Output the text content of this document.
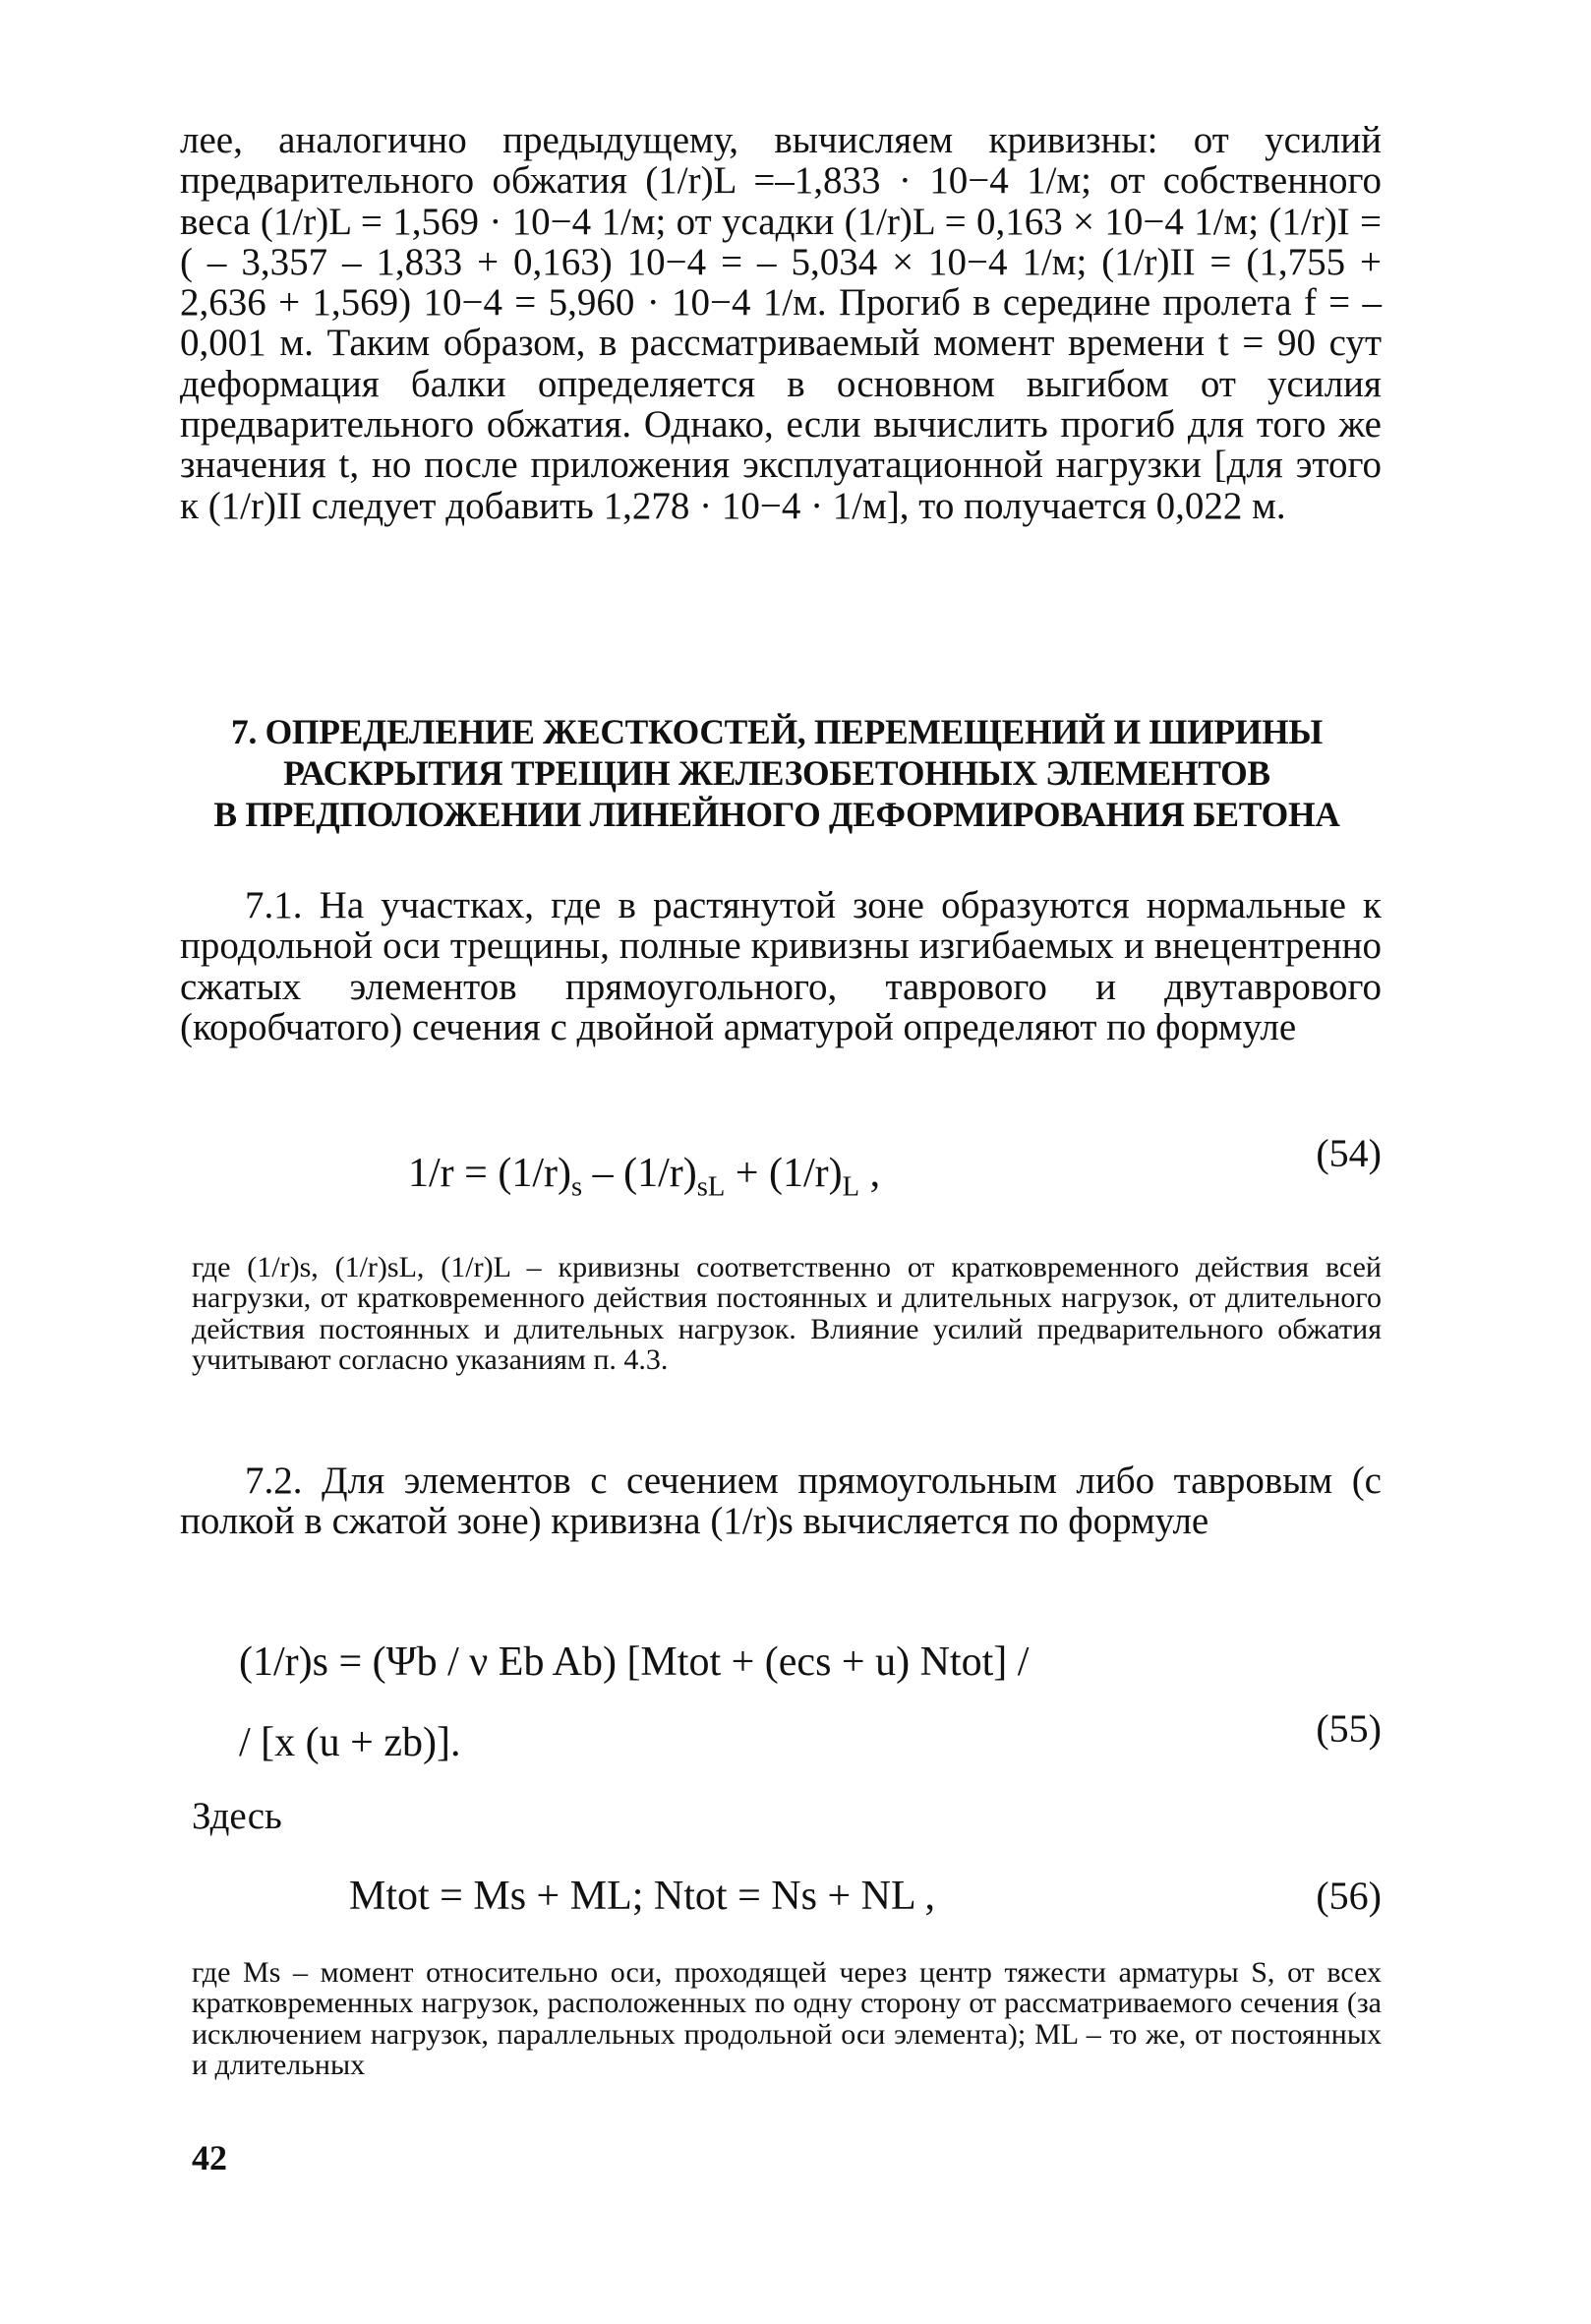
лее, аналогично предыдущему, вычисляем кривизны: от усилий предварительного обжатия (1/r)L =–1,833 · 10−4 1/м; от собственного веса (1/r)L = 1,569 · 10−4 1/м; от усадки (1/r)L = 0,163 × 10−4 1/м; (1/r)I = ( – 3,357 – 1,833 + 0,163) 10−4 = – 5,034 × 10−4 1/м; (1/r)II = (1,755 + 2,636 + 1,569) 10−4 = 5,960 · 10−4 1/м. Прогиб в середине пролета f = – 0,001 м. Таким образом, в рассматриваемый момент времени t = 90 сут деформация балки определяется в основном выгибом от усилия предварительного обжатия. Однако, если вычислить прогиб для того же значения t, но после приложения эксплуатационной нагрузки [для этого к (1/r)II следует добавить 1,278 · 10−4 · 1/м], то получается 0,022 м.

7. ОПРЕДЕЛЕНИЕ ЖЕСТКОСТЕЙ, ПЕРЕМЕЩЕНИЙ И ШИРИНЫ
РАСКРЫТИЯ ТРЕЩИН ЖЕЛЕЗОБЕТОННЫХ ЭЛЕМЕНТОВ
В ПРЕДПОЛОЖЕНИИ ЛИНЕЙНОГО ДЕФОРМИРОВАНИЯ БЕТОНА

7.1. На участках, где в растянутой зоне образуются нормальные к продольной оси трещины, полные кривизны изгибаемых и внецентренно сжатых элементов прямоугольного, таврового и двутаврового (коробчатого) сечения с двойной арматурой определяют по формуле

$1/r = (1/r)_s - (1/r)_{sL} + (1/r)_L$ ,	(54)

где (1/r)s, (1/r)sL, (1/r)L – кривизны соответственно от кратковременного действия всей нагрузки, от кратковременного действия постоянных и длительных нагрузок, от длительного действия постоянных и длительных нагрузок. Влияние усилий предварительного обжатия учитывают согласно указаниям п. 4.3.

7.2. Для элементов с сечением прямоугольным либо тавровым (с полкой в сжатой зоне) кривизна (1/r)s вычисляется по формуле

(1/r)s = (Ψb / ν Eb Ab) [Mtot + (ecs + u) Ntot] /
/ [x (u + zb)].	(55)
Здесь
Mtot = Ms + ML; Ntot = Ns + NL ,	(56)

где Ms – момент относительно оси, проходящей через центр тяжести арматуры S, от всех кратковременных нагрузок, расположенных по одну сторону от рассматриваемого сечения (за исключением нагрузок, параллельных продольной оси элемента); ML – то же, от постоянных и длительных

42
